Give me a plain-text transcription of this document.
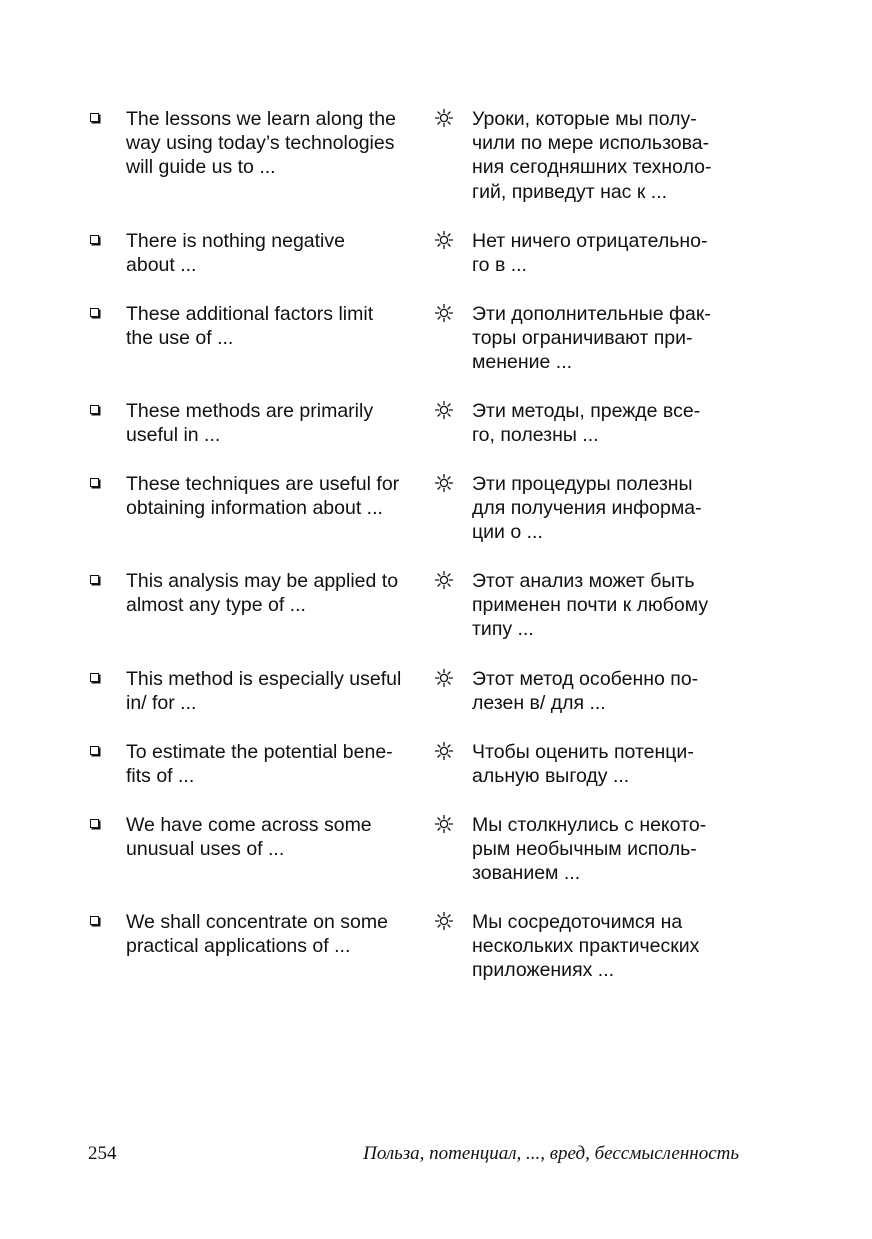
The lessons we learn along the
way using today’s technologies
will guide us to ...
Уроки, которые мы полу-
чили по мере использова-
ния сегодняшних техноло-
гий, приведут нас к ...
There is nothing negative
about ...
Нет ничего отрицательно-
го в ...
These additional factors limit
the use of ...
Эти дополнительные фак-
торы ограничивают при-
менение ...
These methods are primarily
useful in ...
Эти методы, прежде все-
го, полезны ...
These techniques are useful for
obtaining information about ...
Эти процедуры полезны
для получения информа-
ции о ...
This analysis may be applied to
almost any type of ...
Этот анализ может быть
применен почти к любому
типу ...
This method is especially useful
in/ for ...
Этот метод особенно по-
лезен в/ для ...
To estimate the potential bene-
fits of ...
Чтобы оценить потенци-
альную выгоду ...
We have come across some
unusual uses of ...
Мы столкнулись с некото-
рым необычным исполь-
зованием ...
We shall concentrate on some
practical applications of ...
Мы сосредоточимся на
нескольких практических
приложениях ...
254	Польза, потенциал, ..., вред, бессмысленность
